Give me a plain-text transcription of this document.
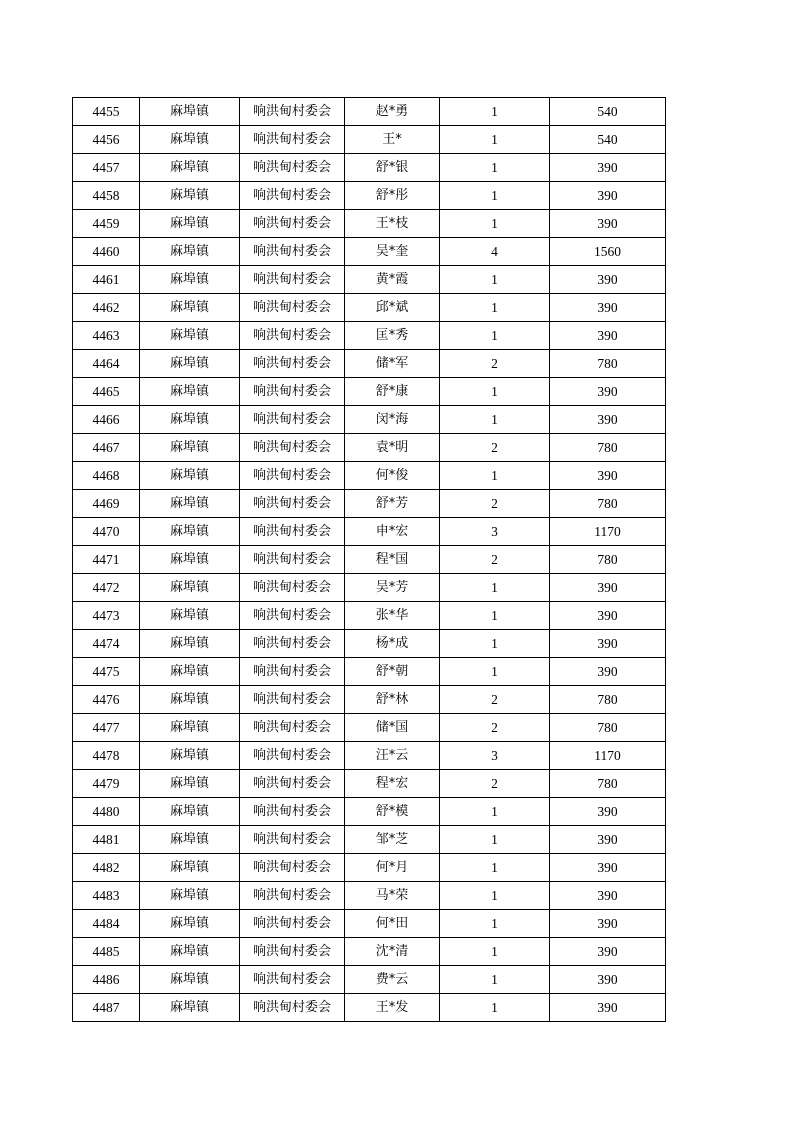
4455	麻埠镇	响洪甸村委会	赵*勇	1	540
4456	麻埠镇	响洪甸村委会	王*	1	540
4457	麻埠镇	响洪甸村委会	舒*银	1	390
4458	麻埠镇	响洪甸村委会	舒*彤	1	390
4459	麻埠镇	响洪甸村委会	王*枝	1	390
4460	麻埠镇	响洪甸村委会	吴*奎	4	1560
4461	麻埠镇	响洪甸村委会	黄*霞	1	390
4462	麻埠镇	响洪甸村委会	邱*斌	1	390
4463	麻埠镇	响洪甸村委会	匡*秀	1	390
4464	麻埠镇	响洪甸村委会	储*军	2	780
4465	麻埠镇	响洪甸村委会	舒*康	1	390
4466	麻埠镇	响洪甸村委会	闵*海	1	390
4467	麻埠镇	响洪甸村委会	袁*明	2	780
4468	麻埠镇	响洪甸村委会	何*俊	1	390
4469	麻埠镇	响洪甸村委会	舒*芳	2	780
4470	麻埠镇	响洪甸村委会	申*宏	3	1170
4471	麻埠镇	响洪甸村委会	程*国	2	780
4472	麻埠镇	响洪甸村委会	吴*芳	1	390
4473	麻埠镇	响洪甸村委会	张*华	1	390
4474	麻埠镇	响洪甸村委会	杨*成	1	390
4475	麻埠镇	响洪甸村委会	舒*朝	1	390
4476	麻埠镇	响洪甸村委会	舒*林	2	780
4477	麻埠镇	响洪甸村委会	储*国	2	780
4478	麻埠镇	响洪甸村委会	汪*云	3	1170
4479	麻埠镇	响洪甸村委会	程*宏	2	780
4480	麻埠镇	响洪甸村委会	舒*模	1	390
4481	麻埠镇	响洪甸村委会	邹*芝	1	390
4482	麻埠镇	响洪甸村委会	何*月	1	390
4483	麻埠镇	响洪甸村委会	马*荣	1	390
4484	麻埠镇	响洪甸村委会	何*田	1	390
4485	麻埠镇	响洪甸村委会	沈*清	1	390
4486	麻埠镇	响洪甸村委会	费*云	1	390
4487	麻埠镇	响洪甸村委会	王*发	1	390
